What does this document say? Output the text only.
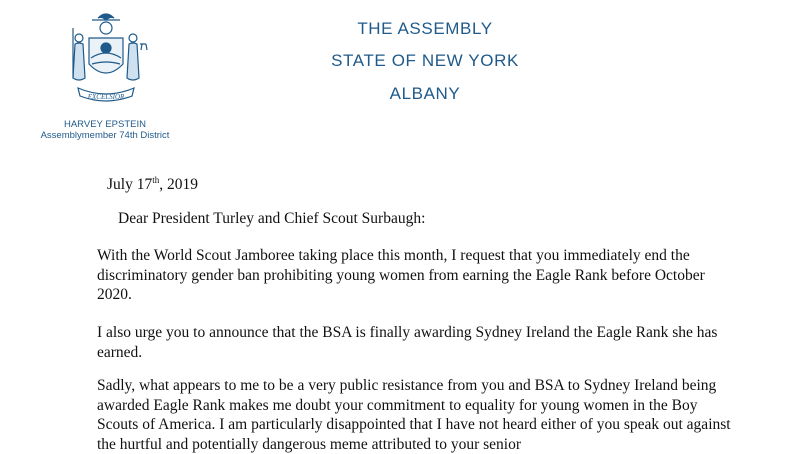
EXCELSIOR
HARVEY EPSTEIN
Assemblymember 74th District
THE ASSEMBLY
STATE OF NEW YORK
ALBANY
July 17th, 2019
Dear President Turley and Chief Scout Surbaugh:

With the World Scout Jamboree taking place this month, I request that you immediately end the discriminatory gender ban prohibiting young women from earning the Eagle Rank before October 2020.

I also urge you to announce that the BSA is finally awarding Sydney Ireland the Eagle Rank she has earned.

Sadly, what appears to me to be a very public resistance from you and BSA to Sydney Ireland being awarded Eagle Rank makes me doubt your commitment to equality for young women in the Boy Scouts of America. I am particularly disappointed that I have not heard either of you speak out against the hurtful and potentially dangerous meme attributed to your senior
